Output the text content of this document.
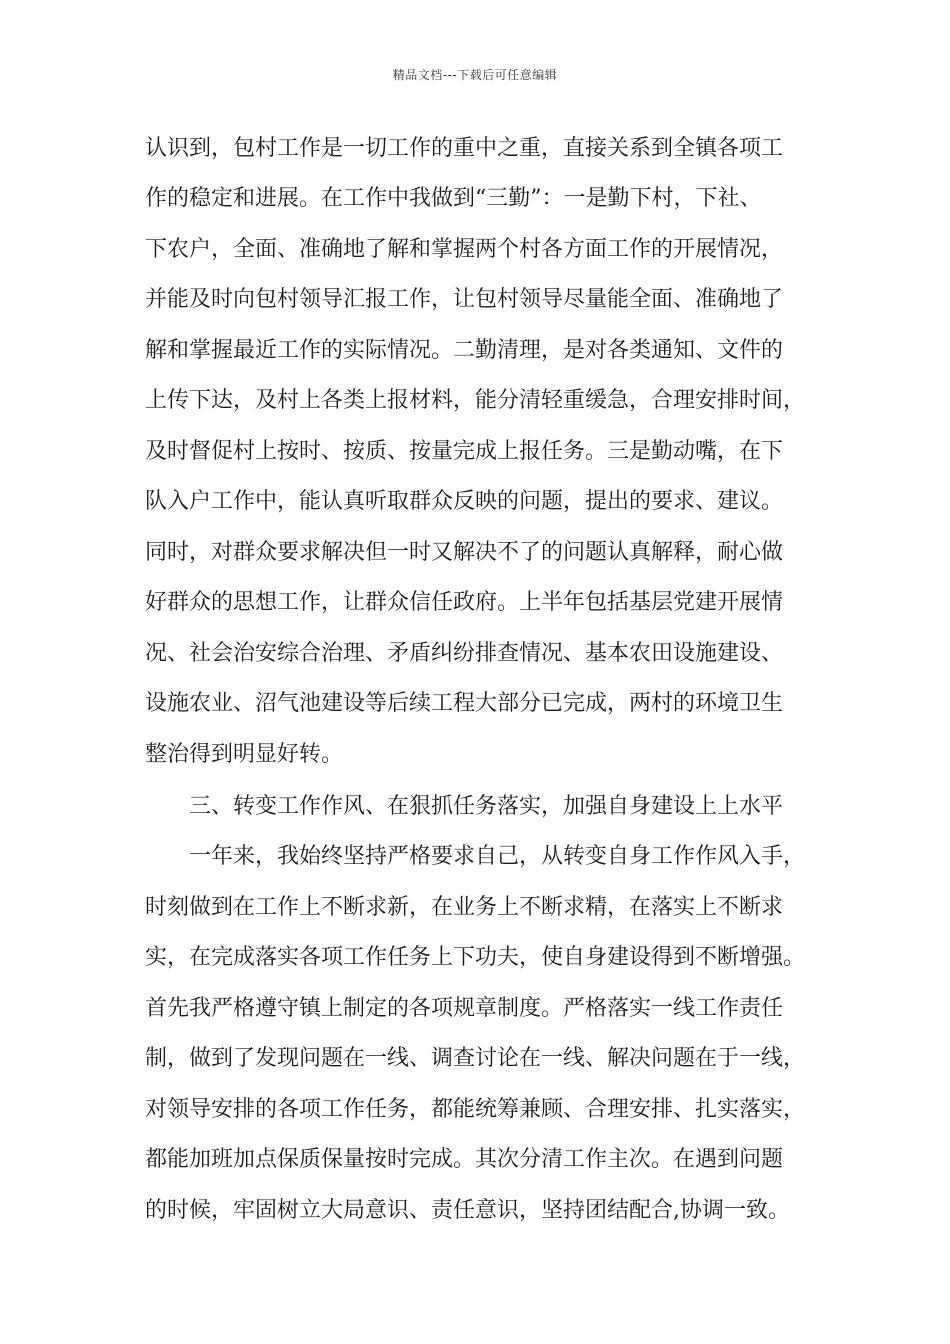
精品文档---下载后可任意编辑
认识到，包村工作是一切工作的重中之重，直接关系到全镇各项工
作的稳定和进展。在工作中我做到“三勤”：一是勤下村，下社、
下农户，全面、准确地了解和掌握两个村各方面工作的开展情况，
并能及时向包村领导汇报工作，让包村领导尽量能全面、准确地了
解和掌握最近工作的实际情况。二勤清理，是对各类通知、文件的
上传下达，及村上各类上报材料，能分清轻重缓急，合理安排时间，
及时督促村上按时、按质、按量完成上报任务。三是勤动嘴，在下
队入户工作中，能认真听取群众反映的问题，提出的要求、建议。
同时，对群众要求解决但一时又解决不了的问题认真解释，耐心做
好群众的思想工作，让群众信任政府。上半年包括基层党建开展情
况、社会治安综合治理、矛盾纠纷排查情况、基本农田设施建设、
设施农业、沼气池建设等后续工程大部分已完成，两村的环境卫生
整治得到明显好转。
三、转变工作作风、在狠抓任务落实，加强自身建设上上水平
一年来，我始终坚持严格要求自己，从转变自身工作作风入手，
时刻做到在工作上不断求新，在业务上不断求精，在落实上不断求
实，在完成落实各项工作任务上下功夫，使自身建设得到不断增强。
首先我严格遵守镇上制定的各项规章制度。严格落实一线工作责任
制，做到了发现问题在一线、调查讨论在一线、解决问题在于一线，
对领导安排的各项工作任务，都能统筹兼顾、合理安排、扎实落实，
都能加班加点保质保量按时完成。其次分清工作主次。在遇到问题
的时候，牢固树立大局意识、责任意识，坚持团结配合,协调一致。
